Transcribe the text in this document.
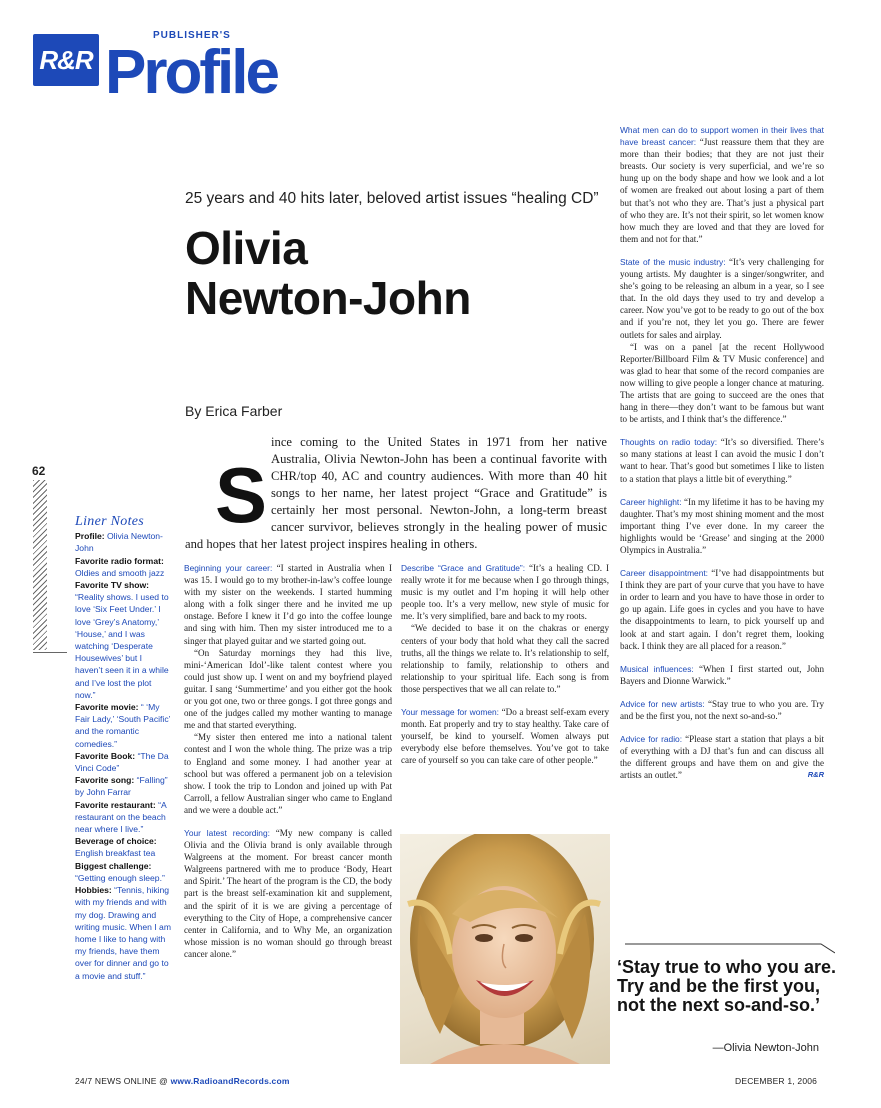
R&R
PUBLISHER'S
Profile
25 years and 40 hits later, beloved artist issues “healing CD”
Olivia
Newton-John
By Erica Farber
62 S
ince coming to the United States in 1971 from her native Australia, Olivia Newton-John has been a continual favorite with CHR/top 40, AC and country audiences. With more than 40 hit songs to her name, her latest project “Grace and Gratitude” is certainly her most personal. Newton-John, a long-term breast cancer survivor, believes strongly in the healing power of music and hopes that her latest project inspires healing in others.
Liner Notes
Profile: Olivia Newton-John
Favorite radio format: Oldies and smooth jazz
Favorite TV show: “Reality shows. I used to love ‘Six Feet Under.’ I love ‘Grey’s Anatomy,’ ‘House,’ and I was watching ‘Desperate Housewives’ but I haven’t seen it in a while and I’ve lost the plot now.”
Favorite movie: “ ‘My Fair Lady,’ ‘South Pacific’ and the romantic comedies.”
Favorite Book: “The Da Vinci Code”
Favorite song: “Falling” by John Farrar
Favorite restaurant: “A restaurant on the beach near where I live.”
Beverage of choice: English breakfast tea
Biggest challenge: “Getting enough sleep.”
Hobbies: “Tennis, hiking with my friends and with my dog. Drawing and writing music. When I am home I like to hang with my friends, have them over for dinner and go to a movie and stuff.”

Beginning your career: “I started in Australia when I was 15. I would go to my brother-in-law’s coffee lounge with my sister on the weekends. I started humming along with a folk singer there and he invited me up onstage. Before I knew it I’d go into the coffee lounge and sing with him. Then my sister introduced me to a singer that played guitar and we started going out.

“On Saturday mornings they had this live, mini-‘American Idol’-like talent contest where you could just show up. I went on and my boyfriend played guitar. I sang ‘Summertime’ and you either got the hook or you got one, two or three gongs. I got three gongs and one of the judges called my mother wanting to manage me and that started everything.

“My sister then entered me into a national talent contest and I won the whole thing. The prize was a trip to England and some money. I had another year at school but was offered a permanent job on a television show. I took the trip to London and joined up with Pat Carroll, a fellow Australian singer who came to England and we were a double act.”

Your latest recording: “My new company is called Olivia and the Olivia brand is only available through Walgreens at the moment. For breast cancer month Walgreens partnered with me to produce ‘Body, Heart and Spirit.’ The heart of the program is the CD, the body part is the breast self-examination kit and supplement, and the spirit of it is we are giving a percentage of everything to the City of Hope, a comprehensive cancer center in California, and to Why Me, an organization whose mission is no woman should go through breast cancer alone.”

Describe “Grace and Gratitude”: “It’s a healing CD. I really wrote it for me because when I go through things, music is my outlet and I’m hoping it will help other people too. It’s a very mellow, new style of music for me. It’s very simplified, bare and back to my roots.

“We decided to base it on the chakras or energy centers of your body that hold what they call the sacred truths, all the things we relate to. It’s relationship to self, relationship to family, relationship to others and relationship to your spiritual life. Each song is from those perspectives that we all can relate to.”

Your message for women: “Do a breast self-exam every month. Eat properly and try to stay healthy. Take care of yourself, be kind to yourself. Women always put everybody else before themselves. You’ve got to take care of yourself so you can take care of other people.”

What men can do to support women in their lives that have breast cancer: “Just reassure them that they are more than their bodies; that they are not just their breasts. Our society is very superficial, and we’re so hung up on the body shape and how we look and a lot of women are freaked out about losing a part of them but that’s not who they are. That’s just a physical part of who they are. It’s not their spirit, so let women know how much they are loved and that they are loved for them and not for that.”

State of the music industry: “It’s very challenging for young artists. My daughter is a singer/songwriter, and she’s going to be releasing an album in a year, so I see that. In the old days they used to try and develop a career. Now you’ve got to be ready to go out of the box and if you’re not, they let you go. There are fewer outlets for sales and airplay.

“I was on a panel [at the recent Hollywood Reporter/Billboard Film & TV Music conference] and was glad to hear that some of the record companies are now willing to give people a longer chance at maturing. The artists that are going to succeed are the ones that hang in there—they don’t want to be famous but want to be artists, and I think that’s the difference.”

Thoughts on radio today: “It’s so diversified. There’s so many stations at least I can avoid the music I don’t want to hear. That’s good but sometimes I like to listen to a station that plays a little bit of everything.”

Career highlight: “In my lifetime it has to be having my daughter. That’s my most shining moment and the most important thing I’ve ever done. In my career the highlights would be ‘Grease’ and singing at the 2000 Olympics in Australia.”

Career disappointment: “I’ve had disappointments but I think they are part of your curve that you have to have in order to learn and you have to have those in order to go up again. Life goes in cycles and you have to have the disappointments to learn, to pick yourself up and look at and start again. I don’t regret them, looking back. I think they are all placed for a reason.”

Musical influences: “When I first started out, John Bayers and Dionne Warwick.”

Advice for new artists: “Stay true to who you are. Try and be the first you, not the next so-and-so.”

Advice for radio: “Please start a station that plays a bit of everything with a DJ that’s fun and can discuss all the different groups and have them on and give the artists an outlet.”	R&R

‘Stay true to who you are. Try and be the first you, not the next so-and-so.’
—Olivia Newton-John
24/7 NEWS ONLINE @ www.RadioandRecords.com	DECEMBER 1, 2006
